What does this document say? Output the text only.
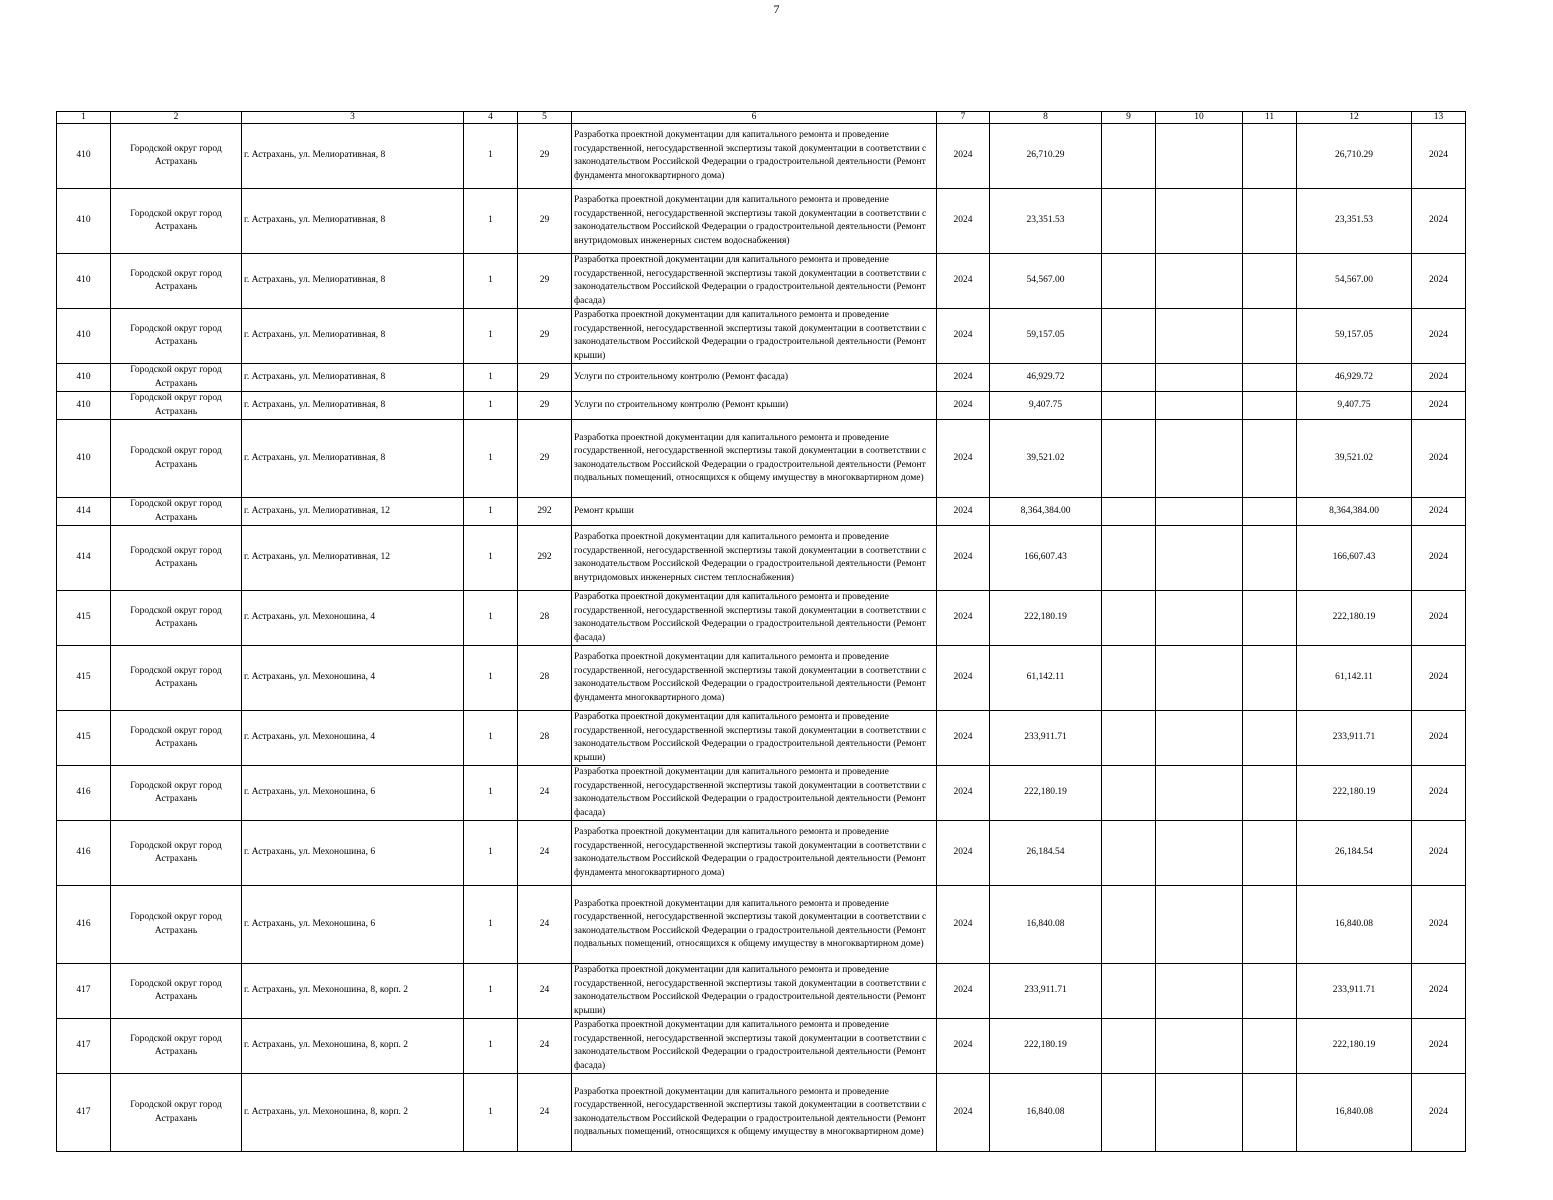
7
1	2	3	4	5	6	7	8	9	10	11	12	13
410	Городской округ город Астрахань	г. Астрахань, ул. Мелиоративная, 8	1	29	Разработка проектной документации для капитального ремонта и проведение государственной, негосударственной экспертизы такой документации в соответствии с законодательством Российской Федерации о градостроительной деятельности (Ремонт фундамента многоквартирного дома)	2024	26,710.29				26,710.29	2024
410	Городской округ город Астрахань	г. Астрахань, ул. Мелиоративная, 8	1	29	Разработка проектной документации для капитального ремонта и проведение государственной, негосударственной экспертизы такой документации в соответствии с законодательством Российской Федерации о градостроительной деятельности (Ремонт внутридомовых инженерных систем водоснабжения)	2024	23,351.53				23,351.53	2024
410	Городской округ город Астрахань	г. Астрахань, ул. Мелиоративная, 8	1	29	Разработка проектной документации для капитального ремонта и проведение государственной, негосударственной экспертизы такой документации в соответствии с законодательством Российской Федерации о градостроительной деятельности (Ремонт фасада)	2024	54,567.00				54,567.00	2024
410	Городской округ город Астрахань	г. Астрахань, ул. Мелиоративная, 8	1	29	Разработка проектной документации для капитального ремонта и проведение государственной, негосударственной экспертизы такой документации в соответствии с законодательством Российской Федерации о градостроительной деятельности (Ремонт крыши)	2024	59,157.05				59,157.05	2024
410	Городской округ город Астрахань	г. Астрахань, ул. Мелиоративная, 8	1	29	Услуги по строительному контролю (Ремонт фасада)	2024	46,929.72				46,929.72	2024
410	Городской округ город Астрахань	г. Астрахань, ул. Мелиоративная, 8	1	29	Услуги по строительному контролю (Ремонт крыши)	2024	9,407.75				9,407.75	2024
410	Городской округ город Астрахань	г. Астрахань, ул. Мелиоративная, 8	1	29	Разработка проектной документации для капитального ремонта и проведение государственной, негосударственной экспертизы такой документации в соответствии с законодательством Российской Федерации о градостроительной деятельности (Ремонт подвальных помещений, относящихся к общему имуществу в многоквартирном доме)	2024	39,521.02				39,521.02	2024
414	Городской округ город Астрахань	г. Астрахань, ул. Мелиоративная, 12	1	292	Ремонт крыши	2024	8,364,384.00				8,364,384.00	2024
414	Городской округ город Астрахань	г. Астрахань, ул. Мелиоративная, 12	1	292	Разработка проектной документации для капитального ремонта и проведение государственной, негосударственной экспертизы такой документации в соответствии с законодательством Российской Федерации о градостроительной деятельности (Ремонт внутридомовых инженерных систем теплоснабжения)	2024	166,607.43				166,607.43	2024
415	Городской округ город Астрахань	г. Астрахань, ул. Мехоношина, 4	1	28	Разработка проектной документации для капитального ремонта и проведение государственной, негосударственной экспертизы такой документации в соответствии с законодательством Российской Федерации о градостроительной деятельности (Ремонт фасада)	2024	222,180.19				222,180.19	2024
415	Городской округ город Астрахань	г. Астрахань, ул. Мехоношина, 4	1	28	Разработка проектной документации для капитального ремонта и проведение государственной, негосударственной экспертизы такой документации в соответствии с законодательством Российской Федерации о градостроительной деятельности (Ремонт фундамента многоквартирного дома)	2024	61,142.11				61,142.11	2024
415	Городской округ город Астрахань	г. Астрахань, ул. Мехоношина, 4	1	28	Разработка проектной документации для капитального ремонта и проведение государственной, негосударственной экспертизы такой документации в соответствии с законодательством Российской Федерации о градостроительной деятельности (Ремонт крыши)	2024	233,911.71				233,911.71	2024
416	Городской округ город Астрахань	г. Астрахань, ул. Мехоношина, 6	1	24	Разработка проектной документации для капитального ремонта и проведение государственной, негосударственной экспертизы такой документации в соответствии с законодательством Российской Федерации о градостроительной деятельности (Ремонт фасада)	2024	222,180.19				222,180.19	2024
416	Городской округ город Астрахань	г. Астрахань, ул. Мехоношина, 6	1	24	Разработка проектной документации для капитального ремонта и проведение государственной, негосударственной экспертизы такой документации в соответствии с законодательством Российской Федерации о градостроительной деятельности (Ремонт фундамента многоквартирного дома)	2024	26,184.54				26,184.54	2024
416	Городской округ город Астрахань	г. Астрахань, ул. Мехоношина, 6	1	24	Разработка проектной документации для капитального ремонта и проведение государственной, негосударственной экспертизы такой документации в соответствии с законодательством Российской Федерации о градостроительной деятельности (Ремонт подвальных помещений, относящихся к общему имуществу в многоквартирном доме)	2024	16,840.08				16,840.08	2024
417	Городской округ город Астрахань	г. Астрахань, ул. Мехоношина, 8, корп. 2	1	24	Разработка проектной документации для капитального ремонта и проведение государственной, негосударственной экспертизы такой документации в соответствии с законодательством Российской Федерации о градостроительной деятельности (Ремонт крыши)	2024	233,911.71				233,911.71	2024
417	Городской округ город Астрахань	г. Астрахань, ул. Мехоношина, 8, корп. 2	1	24	Разработка проектной документации для капитального ремонта и проведение государственной, негосударственной экспертизы такой документации в соответствии с законодательством Российской Федерации о градостроительной деятельности (Ремонт фасада)	2024	222,180.19				222,180.19	2024
417	Городской округ город Астрахань	г. Астрахань, ул. Мехоношина, 8, корп. 2	1	24	Разработка проектной документации для капитального ремонта и проведение государственной, негосударственной экспертизы такой документации в соответствии с законодательством Российской Федерации о градостроительной деятельности (Ремонт подвальных помещений, относящихся к общему имуществу в многоквартирном доме)	2024	16,840.08				16,840.08	2024
